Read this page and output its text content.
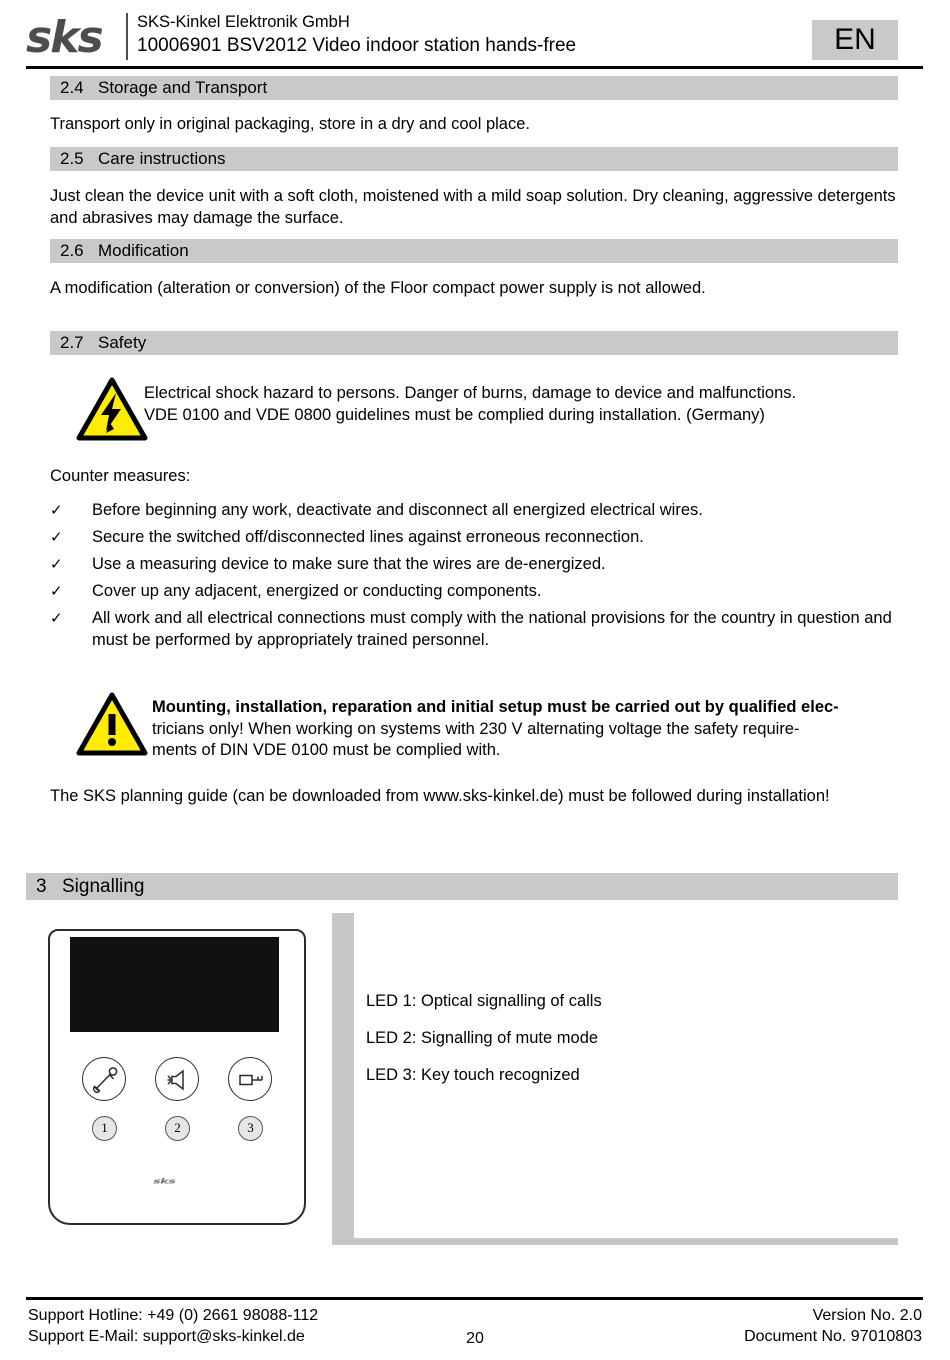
sks SKS-Kinkel Elektronik GmbH
10006901 BSV2012 Video indoor station hands-free	EN
2.4 Storage and Transport
Transport only in original packaging, store in a dry and cool place.
2.5 Care instructions
Just clean the device unit with a soft cloth, moistened with a mild soap solution. Dry cleaning, aggressive detergents and abrasives may damage the surface.
2.6 Modification
A modification (alteration or conversion) of the Floor compact power supply is not allowed.
2.7 Safety
Electrical shock hazard to persons. Danger of burns, damage to device and malfunctions.
VDE 0100 and VDE 0800 guidelines must be complied during installation. (Germany)
Counter measures:
✓	Before beginning any work, deactivate and disconnect all energized electrical wires.
✓	Secure the switched off/disconnected lines against erroneous reconnection.
✓	Use a measuring device to make sure that the wires are de-energized.
✓	Cover up any adjacent, energized or conducting components.
✓	All work and all electrical connections must comply with the national provisions for the country in question and must be performed by appropriately trained personnel.
Mounting, installation, reparation and initial setup must be carried out by qualified elec-
tricians only! When working on systems with 230 V alternating voltage the safety require-
ments of DIN VDE 0100 must be complied with.
The SKS planning guide (can be downloaded from www.sks-kinkel.de) must be followed during installation!
3 Signalling
1	2	3
sks
LED 1: Optical signalling of calls
LED 2: Signalling of mute mode
LED 3: Key touch recognized
Support Hotline: +49 (0) 2661 98088-112
Support E-Mail: support@sks-kinkel.de
Version No. 2.0
Document No. 97010803
20
